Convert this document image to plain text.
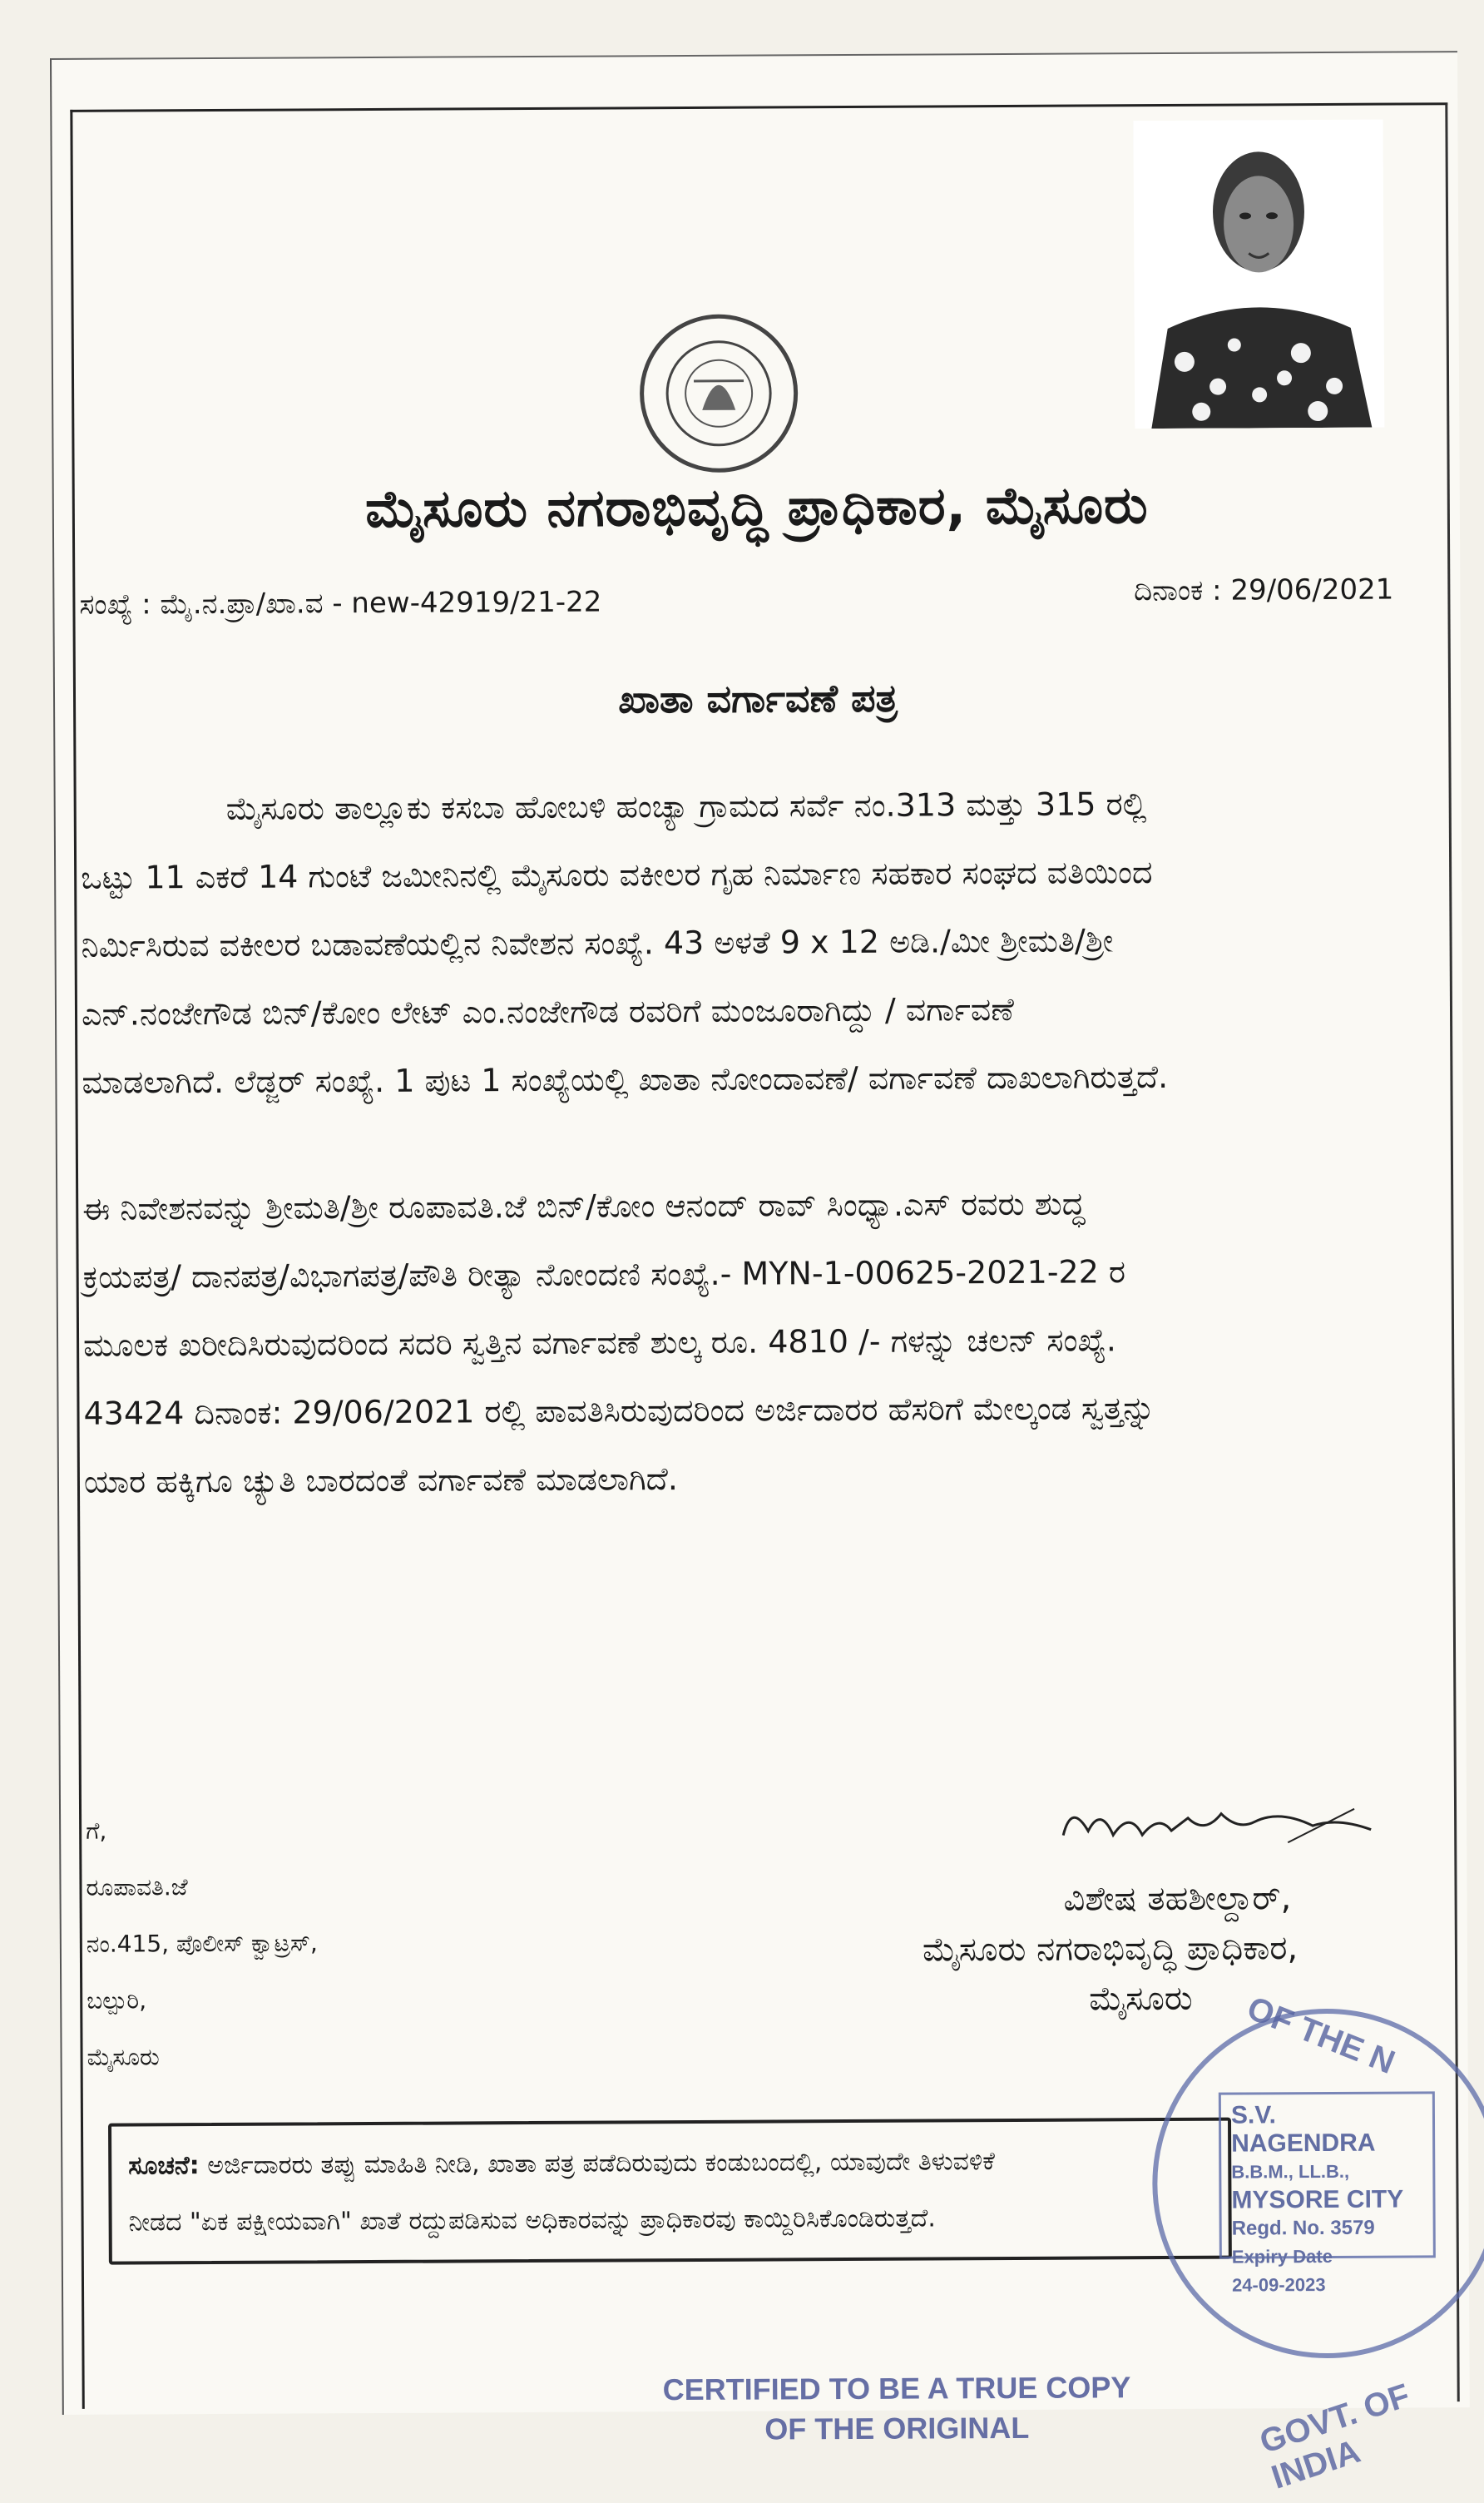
ಮೈಸೂರು ನಗರಾಭಿವೃದ್ಧಿ ಪ್ರಾಧಿಕಾರ, ಮೈಸೂರು
ಸಂಖ್ಯೆ : ಮೈ.ನ.ಪ್ರಾ/ಖಾ.ವ - new-42919/21-22	ದಿನಾಂಕ : 29/06/2021
ಖಾತಾ ವರ್ಗಾವಣೆ ಪತ್ರ

ಮೈಸೂರು ತಾಲ್ಲೂಕು ಕಸಬಾ ಹೋಬಳಿ ಹಂಚ್ಯಾ ಗ್ರಾಮದ ಸರ್ವೆ ನಂ.313 ಮತ್ತು 315 ರಲ್ಲಿ

ಒಟ್ಟು 11 ಎಕರೆ 14 ಗುಂಟೆ ಜಮೀನಿನಲ್ಲಿ ಮೈಸೂರು ವಕೀಲರ ಗೃಹ ನಿರ್ಮಾಣ ಸಹಕಾರ ಸಂಘದ ವತಿಯಿಂದ

ನಿರ್ಮಿಸಿರುವ ವಕೀಲರ ಬಡಾವಣೆಯಲ್ಲಿನ ನಿವೇಶನ ಸಂಖ್ಯೆ. 43 ಅಳತೆ 9 x 12 ಅಡಿ./ಮೀ ಶ್ರೀಮತಿ/ಶ್ರೀ

ಎನ್.ನಂಜೇಗೌಡ ಬಿನ್/ಕೋಂ ಲೇಟ್ ಎಂ.ನಂಜೇಗೌಡ ರವರಿಗೆ ಮಂಜೂರಾಗಿದ್ದು / ವರ್ಗಾವಣೆ

ಮಾಡಲಾಗಿದೆ. ಲೆಡ್ಜರ್ ಸಂಖ್ಯೆ. 1 ಪುಟ 1 ಸಂಖ್ಯೆಯಲ್ಲಿ ಖಾತಾ ನೋಂದಾವಣೆ/ ವರ್ಗಾವಣೆ ದಾಖಲಾಗಿರುತ್ತದೆ.

ಈ ನಿವೇಶನವನ್ನು ಶ್ರೀಮತಿ/ಶ್ರೀ ರೂಪಾವತಿ.ಜೆ ಬಿನ್/ಕೋಂ ಆನಂದ್ ರಾವ್ ಸಿಂಧ್ಯಾ.ಎಸ್ ರವರು ಶುದ್ಧ

ಕ್ರಯಪತ್ರ/ ದಾನಪತ್ರ/ವಿಭಾಗಪತ್ರ/ಪೌತಿ ರೀತ್ಯಾ ನೋಂದಣಿ ಸಂಖ್ಯೆ.- MYN-1-00625-2021-22 ರ

ಮೂಲಕ ಖರೀದಿಸಿರುವುದರಿಂದ ಸದರಿ ಸ್ವತ್ತಿನ ವರ್ಗಾವಣೆ ಶುಲ್ಕ ರೂ. 4810 /- ಗಳನ್ನು ಚಲನ್ ಸಂಖ್ಯೆ.

43424 ದಿನಾಂಕ: 29/06/2021 ರಲ್ಲಿ ಪಾವತಿಸಿರುವುದರಿಂದ ಅರ್ಜಿದಾರರ ಹೆಸರಿಗೆ ಮೇಲ್ಕಂಡ ಸ್ವತ್ತನ್ನು

ಯಾರ ಹಕ್ಕಿಗೂ ಚ್ಯುತಿ ಬಾರದಂತೆ ವರ್ಗಾವಣೆ ಮಾಡಲಾಗಿದೆ.

ಗೆ,
ರೂಪಾವತಿ.ಜೆ
ನಂ.415, ಪೊಲೀಸ್ ಕ್ವಾಟ್ರಸ್,
ಬಲ್ಪುರಿ,
ಮೈಸೂರು
ವಿಶೇಷ ತಹಶೀಲ್ದಾರ್,
ಮೈಸೂರು ನಗರಾಭಿವೃದ್ಧಿ ಪ್ರಾಧಿಕಾರ,
ಮೈಸೂರು
ಸೂಚನೆ: ಅರ್ಜಿದಾರರು ತಪ್ಪು ಮಾಹಿತಿ ನೀಡಿ, ಖಾತಾ ಪತ್ರ ಪಡೆದಿರುವುದು ಕಂಡುಬಂದಲ್ಲಿ, ಯಾವುದೇ ತಿಳುವಳಿಕೆ
ನೀಡದ "ಏಕ ಪಕ್ಷೀಯವಾಗಿ" ಖಾತೆ ರದ್ದುಪಡಿಸುವ ಅಧಿಕಾರವನ್ನು ಪ್ರಾಧಿಕಾರವು ಕಾಯ್ದಿರಿಸಿಕೊಂಡಿರುತ್ತದೆ.
OF THE N
S.V. NAGENDRA
B.B.M., LL.B.,
MYSORE CITY
Regd. No. 3579
Expiry Date
24-09-2023
GOVT. OF INDIA
CERTIFIED TO BE A TRUE COPY
OF THE ORIGINAL
